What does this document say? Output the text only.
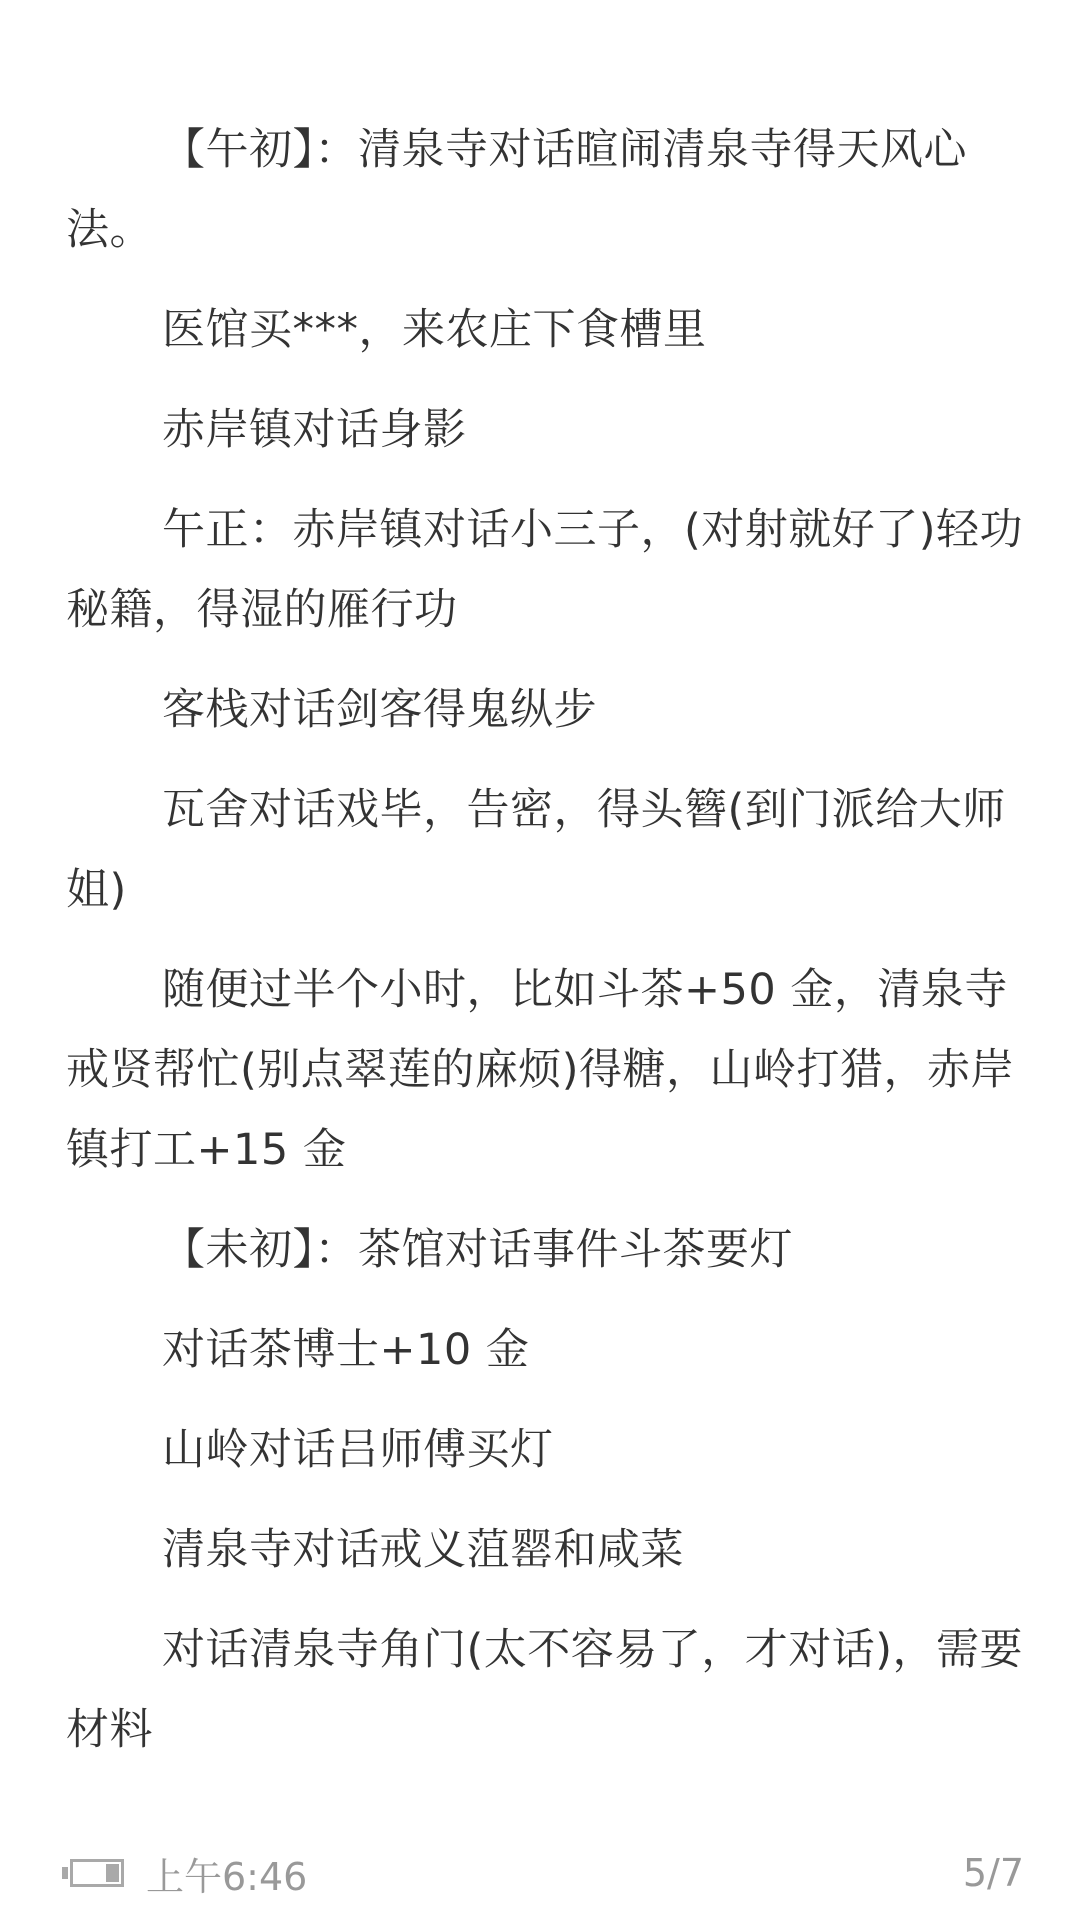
【午初】：清泉寺对话暄闹清泉寺得天风心法。

医馆买***，来农庄下食槽里

赤岸镇对话身影

午正：赤岸镇对话小三子，(对射就好了)轻功秘籍，得湿的雁行功

客栈对话剑客得鬼纵步

瓦舍对话戏毕，告密，得头簪(到门派给大师姐)

随便过半个小时，比如斗茶+50 金，清泉寺戒贤帮忙(别点翠莲的麻烦)得糖，山岭打猎，赤岸镇打工+15 金

【未初】：茶馆对话事件斗茶要灯

对话茶博士+10 金

山岭对话吕师傅买灯

清泉寺对话戒义菹罂和咸菜

对话清泉寺角门(太不容易了，才对话)，需要材料

上午6:46	5/7
